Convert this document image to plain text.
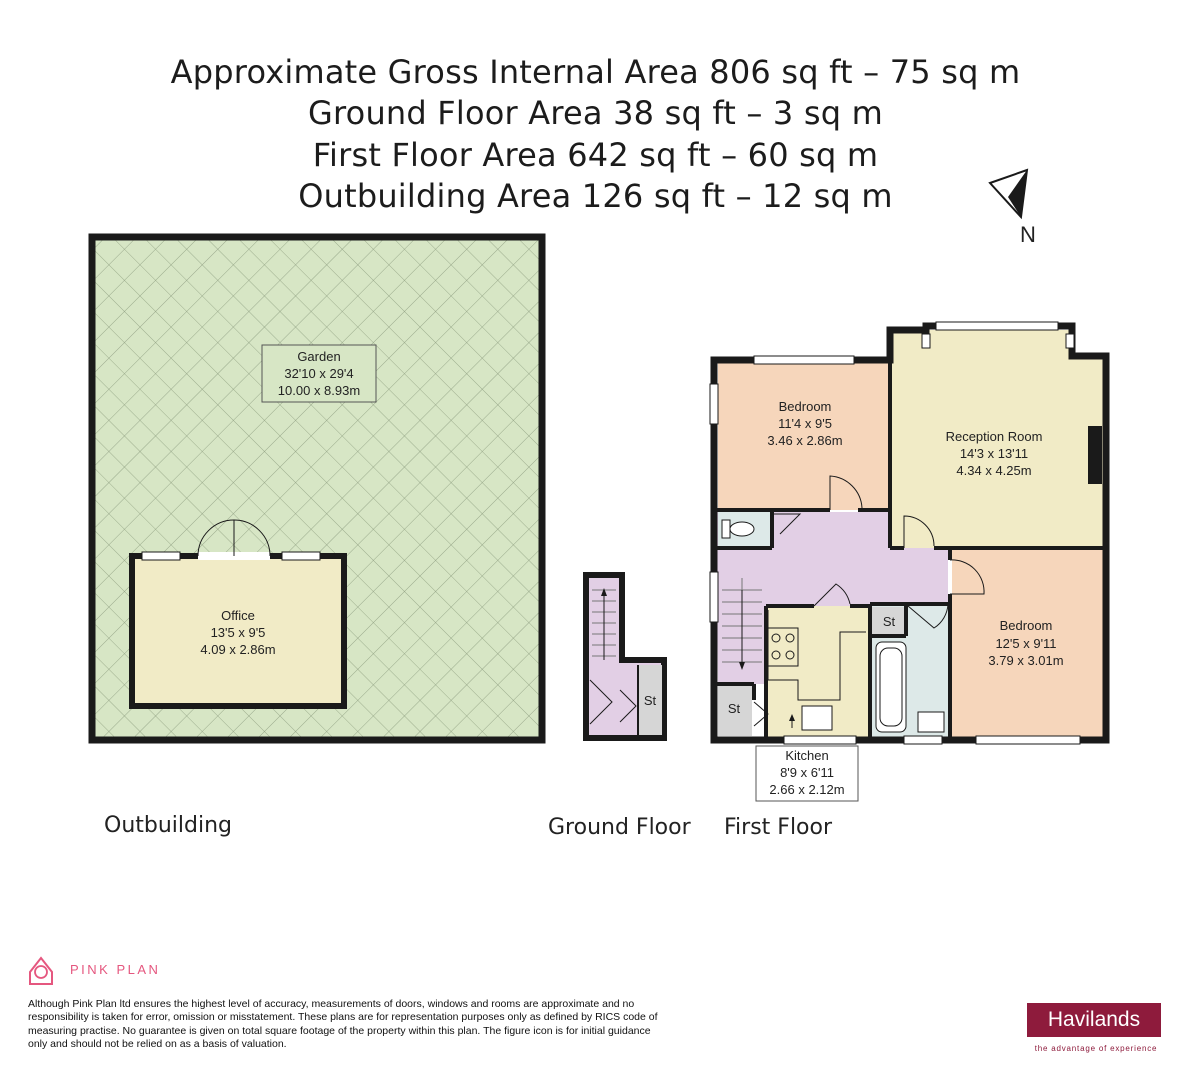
Approximate Gross Internal Area 806 sq ft – 75 sq m
Ground Floor Area 38 sq ft – 3 sq m
First Floor Area 642 sq ft – 60 sq m
Outbuilding Area 126 sq ft – 12 sq m
N
Garden
32'10 x 29'4
10.00 x 8.93m
Office
13'5 x 9'5
4.09 x 2.86m
St
Bedroom
11'4 x 9'5
3.46 x 2.86m	Reception Room
14'3 x 13'11
4.34 x 4.25m
Bedroom
12'5 x 9'11
3.79 x 3.01m
St
St
Kitchen
8'9 x 6'11
2.66 x 2.12m
Outbuilding	Ground Floor First Floor
PINK PLAN
Although Pink Plan ltd ensures the highest level of accuracy, measurements of doors, windows and rooms are approximate and no responsibility is taken for error, omission or misstatement. These plans are for representation purposes only as defined by RICS code of measuring practise. No guarantee is given on total square footage of the property within this plan. The figure icon is for initial guidance only and should not be relied on as a basis of valuation.
Havilands
the advantage of experience
